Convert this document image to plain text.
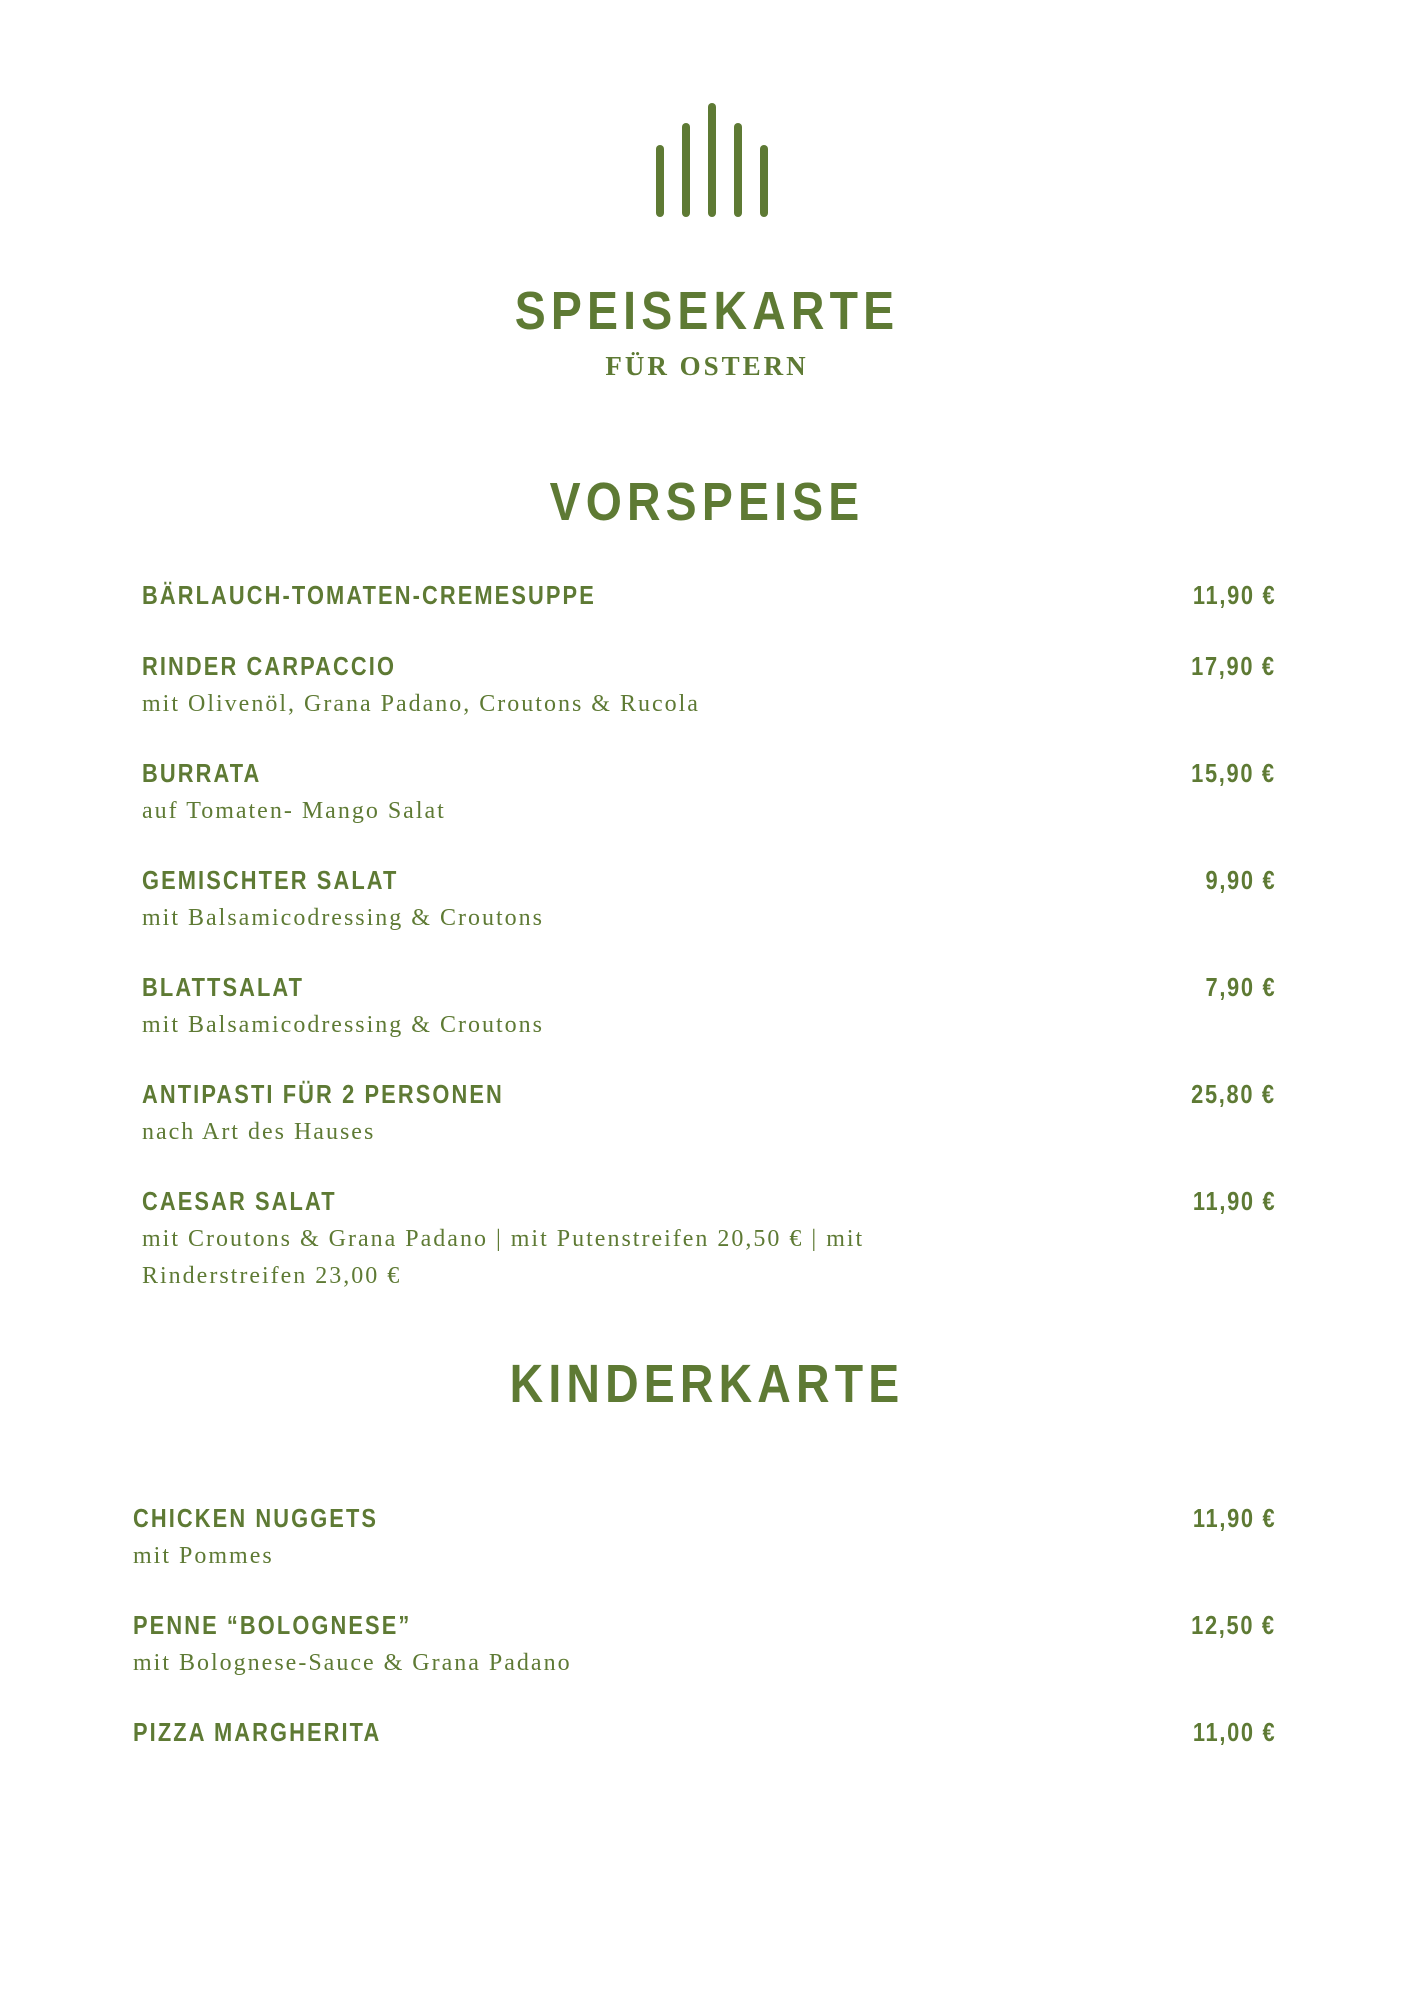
SPEISEKARTE
FÜR OSTERN
VORSPEISE
BÄRLAUCH-TOMATEN-CREMESUPPE	11,90 €
RINDER CARPACCIO	17,90 €
mit Olivenöl, Grana Padano, Croutons & Rucola
BURRATA	15,90 €
auf Tomaten- Mango Salat
GEMISCHTER SALAT	9,90 €
mit Balsamicodressing & Croutons
BLATTSALAT	7,90 €
mit Balsamicodressing & Croutons
ANTIPASTI FÜR 2 PERSONEN	25,80 €
nach Art des Hauses
CAESAR SALAT	11,90 €
mit Croutons & Grana Padano | mit Putenstreifen 20,50 € | mit Rinderstreifen 23,00 €
KINDERKARTE
CHICKEN NUGGETS	11,90 €
mit Pommes
PENNE “BOLOGNESE”	12,50 €
mit Bolognese-Sauce & Grana Padano
PIZZA MARGHERITA	11,00 €
